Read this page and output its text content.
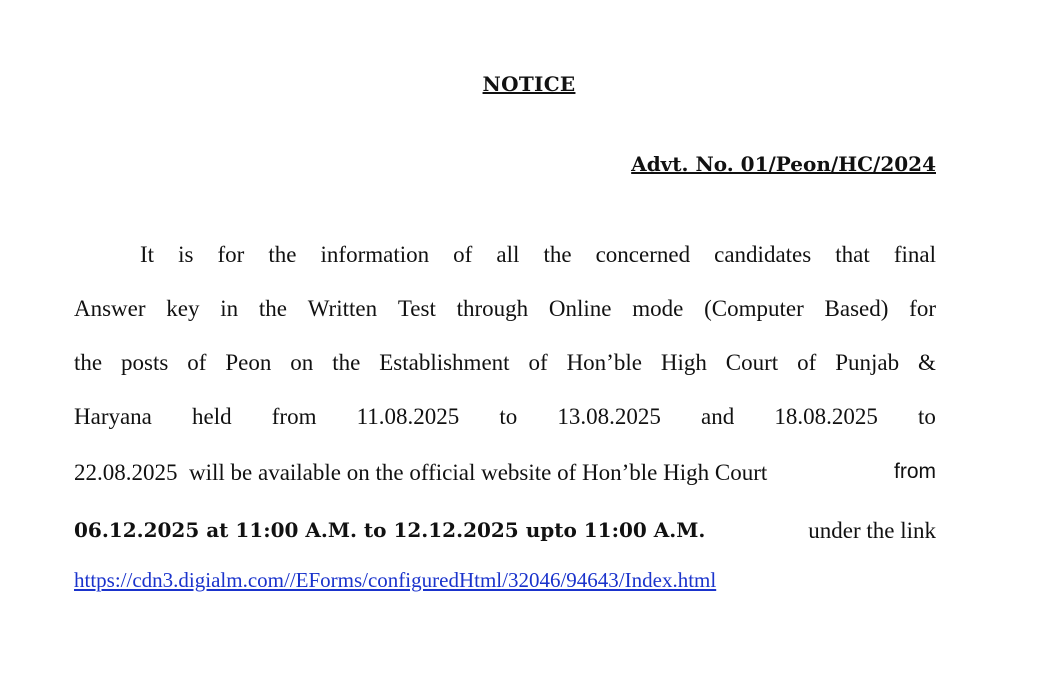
NOTICE
Advt. No. 01/Peon/HC/2024
It is for the information of all the concerned candidates that final
Answer key in the Written Test through Online mode (Computer Based) for
the posts of Peon on the Establishment of Hon’ble High Court of Punjab &
Haryana held from 11.08.2025 to 13.08.2025 and 18.08.2025 to
22.08.2025  will be available on the official website of Hon’ble High Court	from
06.12.2025 at 11:00 A.M. to 12.12.2025 upto 11:00 A.M.	under the link
https://cdn3.digialm.com//EForms/configuredHtml/32046/94643/Index.html
